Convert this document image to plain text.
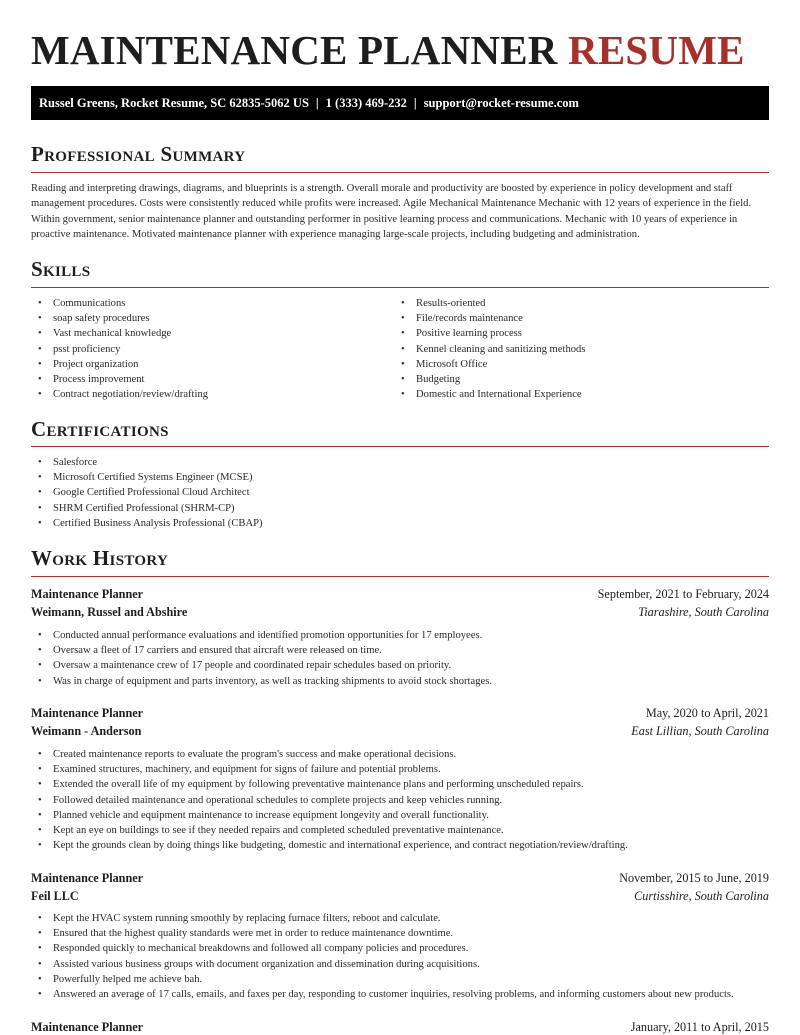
MAINTENANCE PLANNER RESUME
Russel Greens, Rocket Resume, SC 62835-5062 US | 1 (333) 469-232 | support@rocket-resume.com
Professional Summary

Reading and interpreting drawings, diagrams, and blueprints is a strength. Overall morale and productivity are boosted by experience in policy development and staff management procedures. Costs were consistently reduced while profits were increased. Agile Mechanical Maintenance Mechanic with 12 years of experience in the field. Within government, senior maintenance planner and outstanding performer in positive learning process and communications. Mechanic with 10 years of experience in proactive maintenance. Motivated maintenance planner with experience managing large-scale projects, including budgeting and administration.

Skills
• Communications
• soap safety procedures
• Vast mechanical knowledge
• psst proficiency
• Project organization
• Process improvement
• Contract negotiation/review/drafting
• Results-oriented
• File/records maintenance
• Positive learning process
• Kennel cleaning and sanitizing methods
• Microsoft Office
• Budgeting
• Domestic and International Experience
Certifications
• Salesforce
• Microsoft Certified Systems Engineer (MCSE)
• Google Certified Professional Cloud Architect
• SHRM Certified Professional (SHRM-CP)
• Certified Business Analysis Professional (CBAP)
Work History
Maintenance Planner	September, 2021 to February, 2024
Weimann, Russel and Abshire	Tiarashire, South Carolina
• Conducted annual performance evaluations and identified promotion opportunities for 17 employees.
• Oversaw a fleet of 17 carriers and ensured that aircraft were released on time.
• Oversaw a maintenance crew of 17 people and coordinated repair schedules based on priority.
• Was in charge of equipment and parts inventory, as well as tracking shipments to avoid stock shortages.
Maintenance Planner	May, 2020 to April, 2021
Weimann - Anderson	East Lillian, South Carolina
• Created maintenance reports to evaluate the program's success and make operational decisions.
• Examined structures, machinery, and equipment for signs of failure and potential problems.
• Extended the overall life of my equipment by following preventative maintenance plans and performing unscheduled repairs.
• Followed detailed maintenance and operational schedules to complete projects and keep vehicles running.
• Planned vehicle and equipment maintenance to increase equipment longevity and overall functionality.
• Kept an eye on buildings to see if they needed repairs and completed scheduled preventative maintenance.
• Kept the grounds clean by doing things like budgeting, domestic and international experience, and contract negotiation/review/drafting.
Maintenance Planner	November, 2015 to June, 2019
Feil LLC	Curtisshire, South Carolina
• Kept the HVAC system running smoothly by replacing furnace filters, reboot and calculate.
• Ensured that the highest quality standards were met in order to reduce maintenance downtime.
• Responded quickly to mechanical breakdowns and followed all company policies and procedures.
• Assisted various business groups with document organization and dissemination during acquisitions.
• Powerfully helped me achieve bah.
• Answered an average of 17 calls, emails, and faxes per day, responding to customer inquiries, resolving problems, and informing customers about new products.
Maintenance Planner	January, 2011 to April, 2015
